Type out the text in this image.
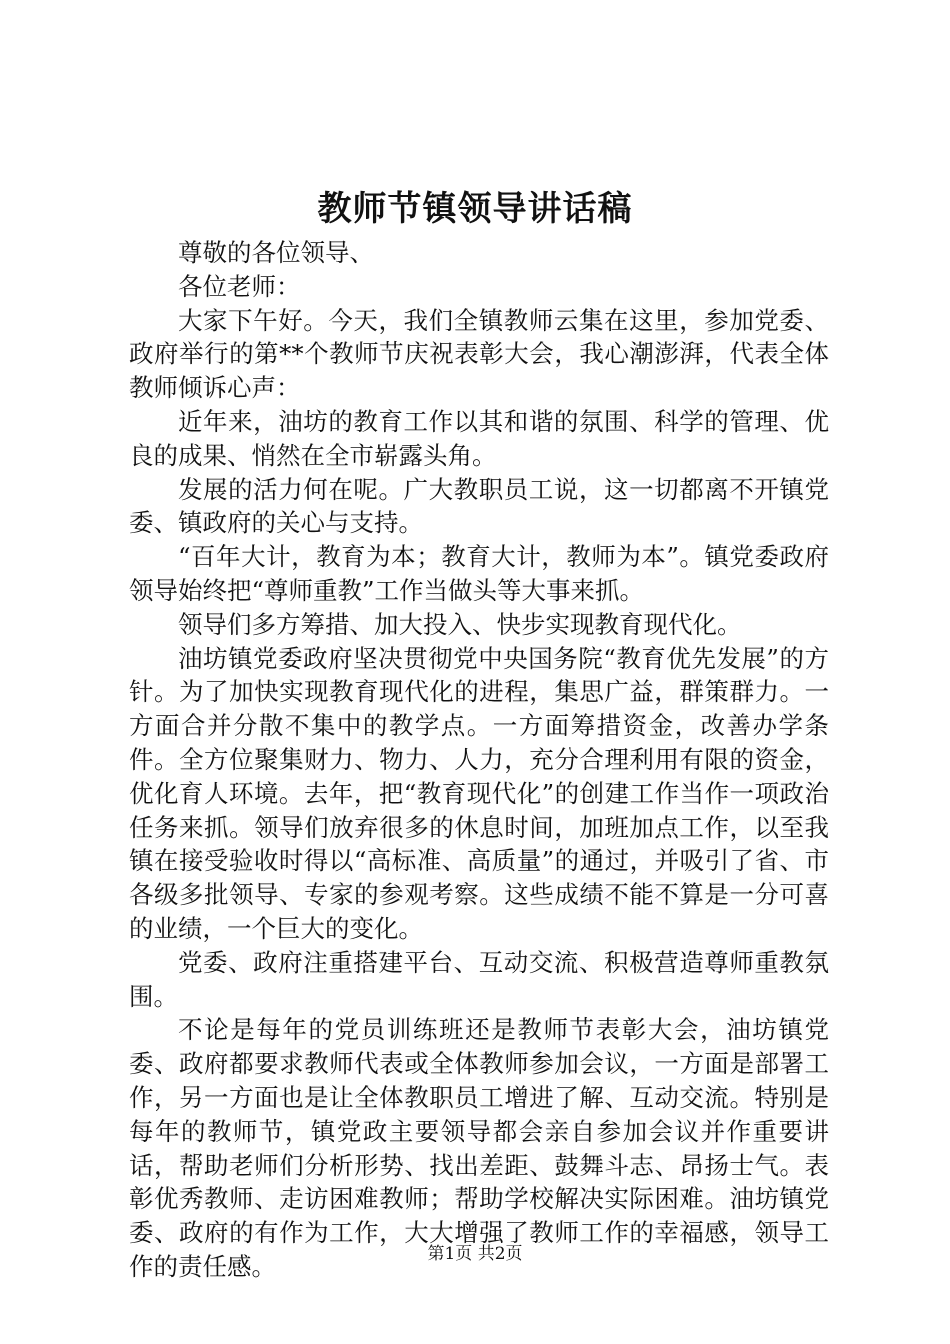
教师节镇领导讲话稿

尊敬的各位领导、

各位老师：

大家下午好。今天，我们全镇教师云集在这里，参加党委、政府举行的第**个教师节庆祝表彰大会，我心潮澎湃，代表全体教师倾诉心声：

近年来，油坊的教育工作以其和谐的氛围、科学的管理、优良的成果、悄然在全市崭露头角。

发展的活力何在呢。广大教职员工说，这一切都离不开镇党委、镇政府的关心与支持。

“百年大计，教育为本；教育大计，教师为本”。镇党委政府领导始终把“尊师重教”工作当做头等大事来抓。

领导们多方筹措、加大投入、快步实现教育现代化。

油坊镇党委政府坚决贯彻党中央国务院“教育优先发展”的方针。为了加快实现教育现代化的进程，集思广益，群策群力。一方面合并分散不集中的教学点。一方面筹措资金，改善办学条件。全方位聚集财力、物力、人力，充分合理利用有限的资金，优化育人环境。去年，把“教育现代化”的创建工作当作一项政治任务来抓。领导们放弃很多的休息时间，加班加点工作，以至我镇在接受验收时得以“高标准、高质量”的通过，并吸引了省、市各级多批领导、专家的参观考察。这些成绩不能不算是一分可喜的业绩，一个巨大的变化。

党委、政府注重搭建平台、互动交流、积极营造尊师重教氛围。

不论是每年的党员训练班还是教师节表彰大会，油坊镇党委、政府都要求教师代表或全体教师参加会议，一方面是部署工作，另一方面也是让全体教职员工增进了解、互动交流。特别是每年的教师节，镇党政主要领导都会亲自参加会议并作重要讲话，帮助老师们分析形势、找出差距、鼓舞斗志、昂扬士气。表彰优秀教师、走访困难教师；帮助学校解决实际困难。油坊镇党委、政府的有作为工作，大大增强了教师工作的幸福感，领导工作的责任感。	第1页 共2页
